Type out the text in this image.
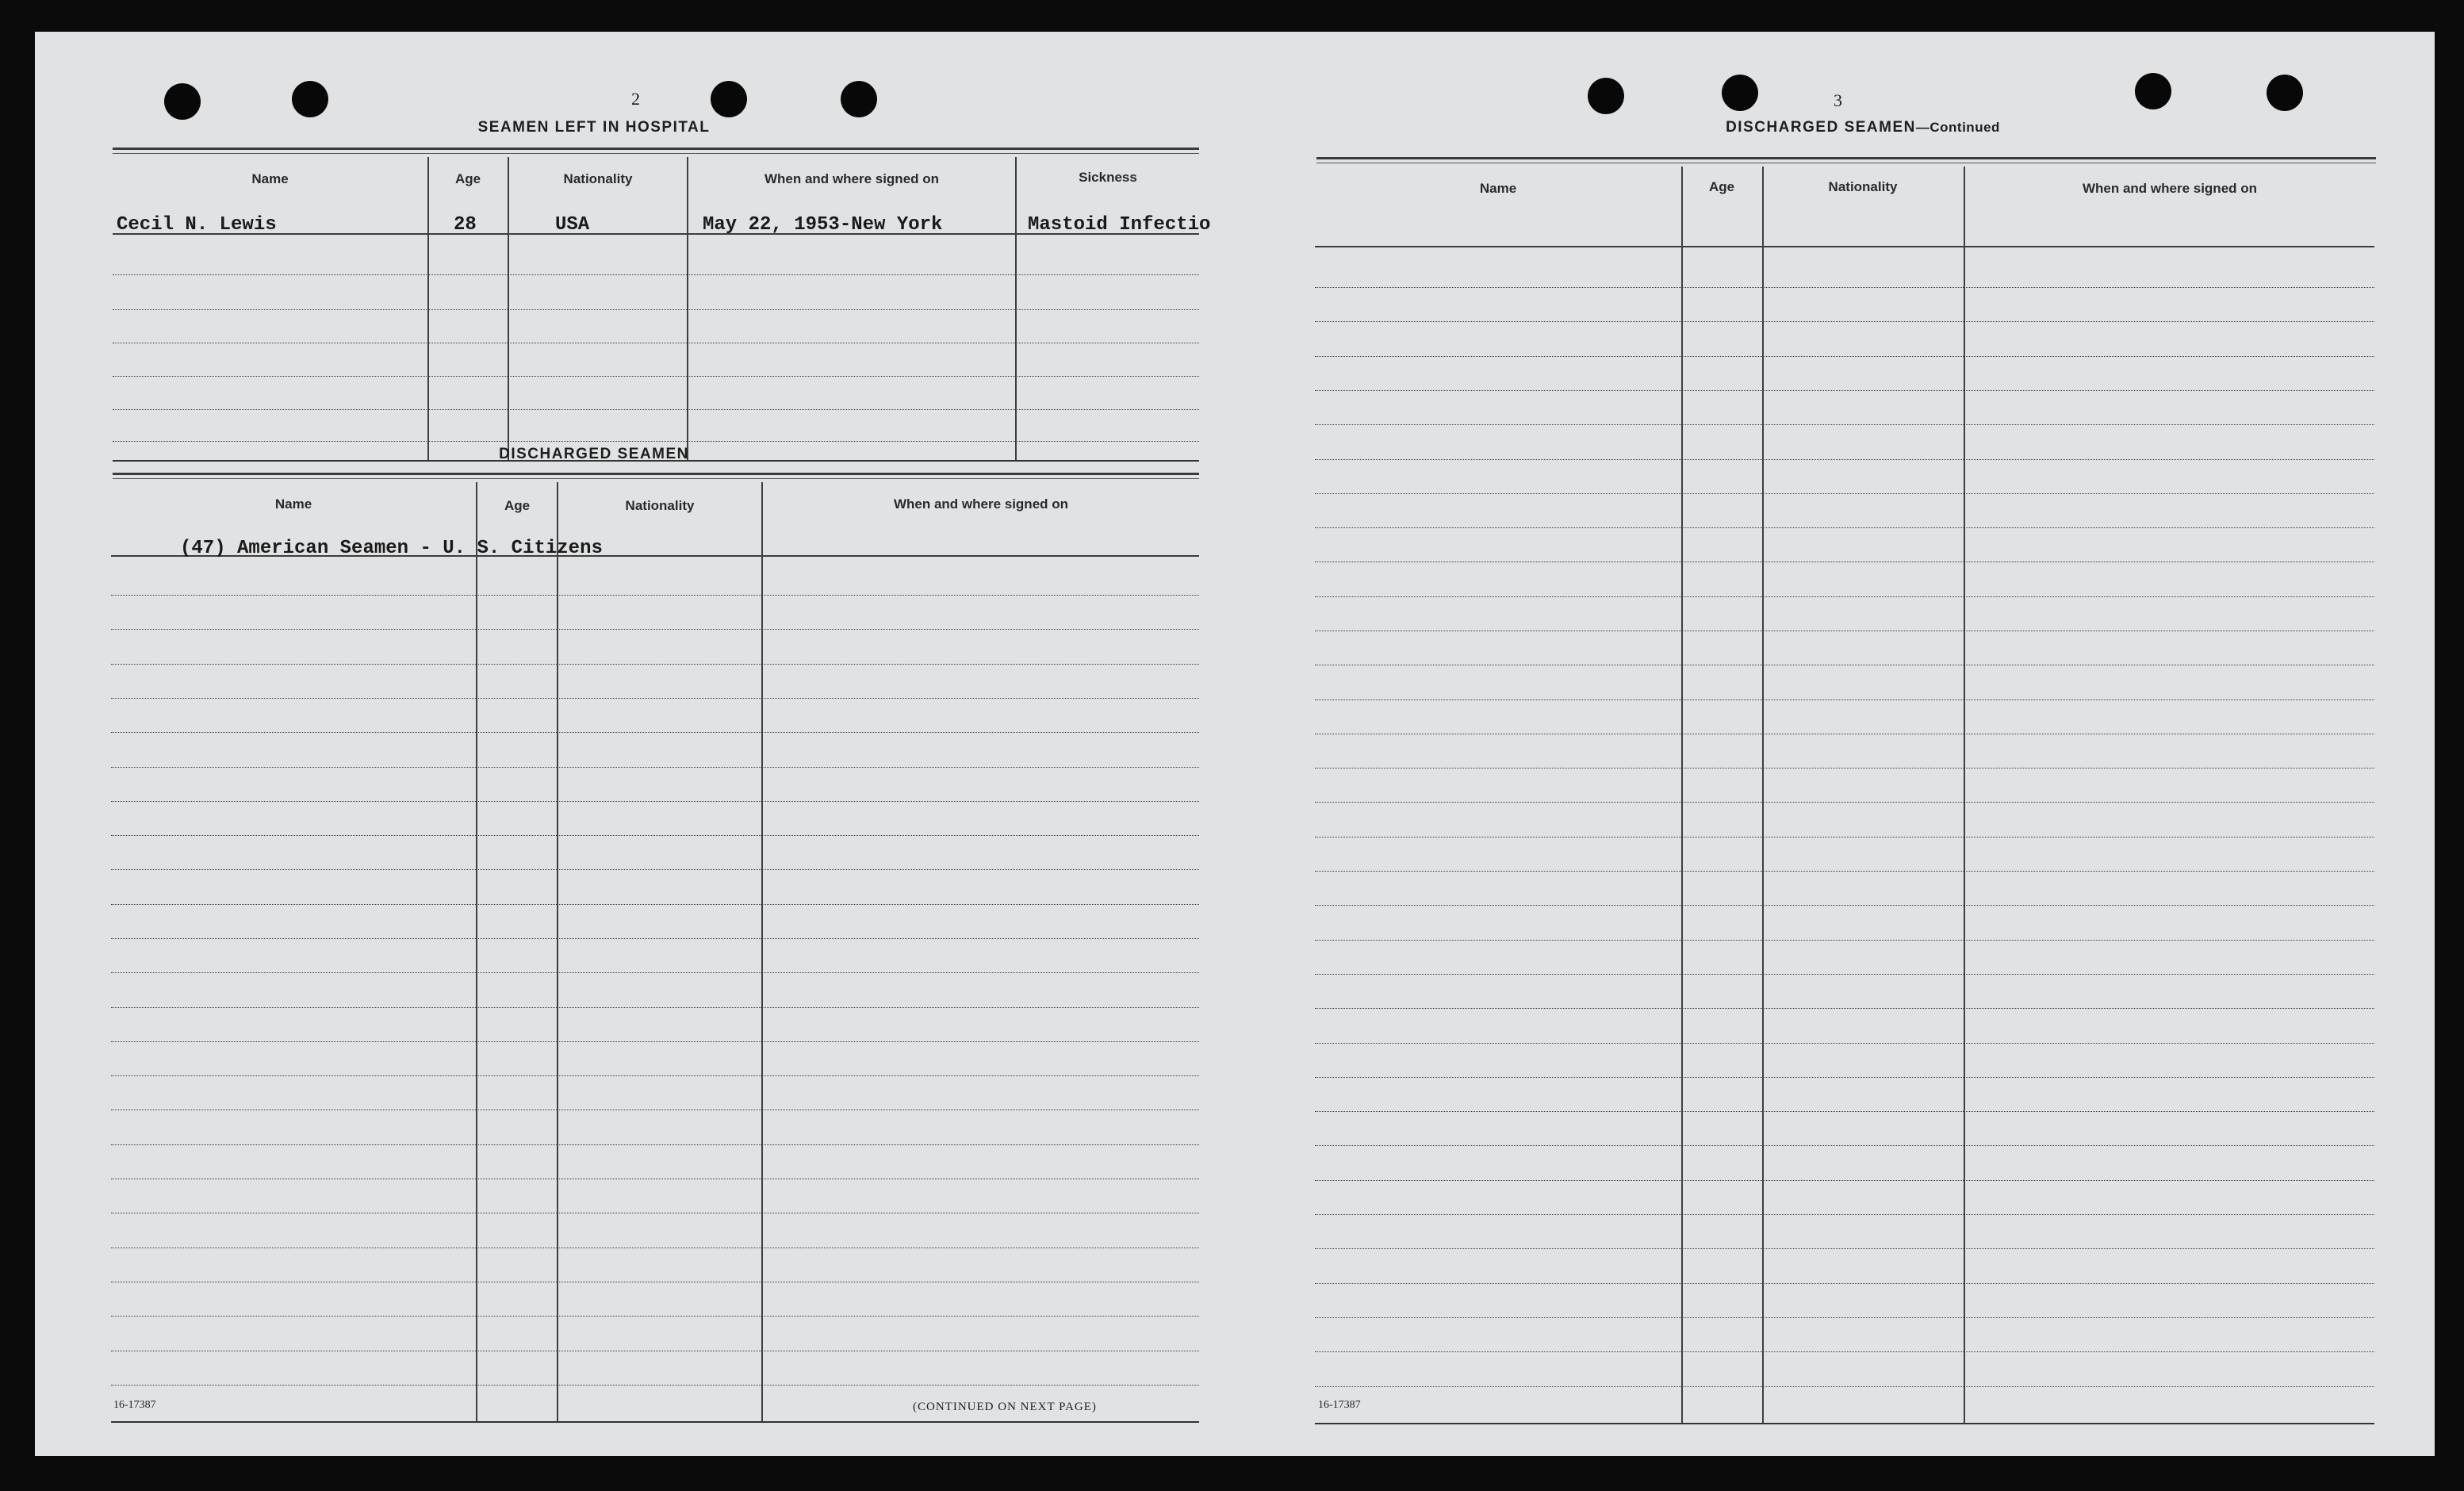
2
SEAMEN LEFT IN HOSPITAL
Name	Age	Nationality	When and where signed on	Sickness
Cecil N. Lewis	28	USA	May 22, 1953-New York	Mastoid Infectio
DISCHARGED SEAMEN
Name	Age	Nationality	When and where signed on
(47) American Seamen - U. S. Citizens
16-17387	(CONTINUED ON NEXT PAGE)
3
DISCHARGED SEAMEN—Continued
Name	Age	Nationality	When and where signed on
16-17387
